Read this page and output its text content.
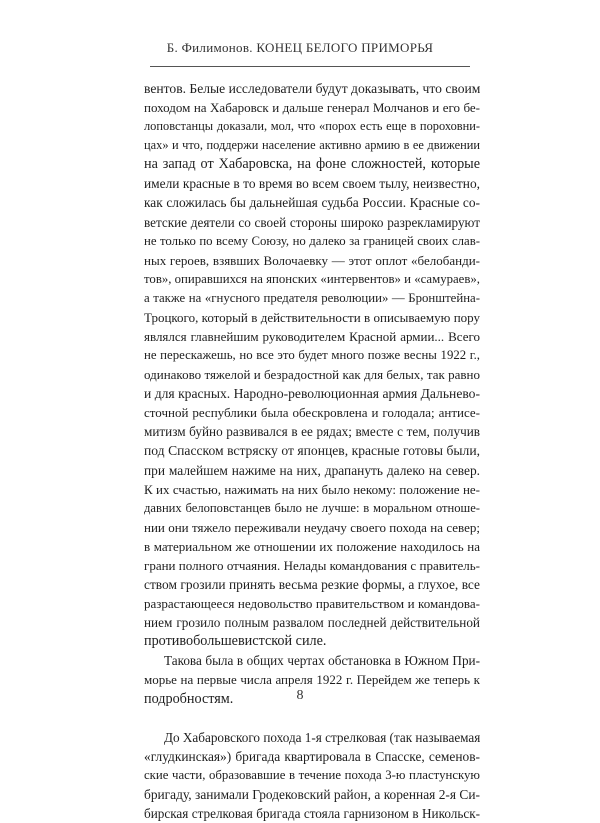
Б. Филимонов. КОНЕЦ БЕЛОГО ПРИМОРЬЯ
вентов. Белые исследователи будут доказывать, что своим
походом на Хабаровск и дальше генерал Молчанов и его бе-
лоповстанцы доказали, мол, что «порох есть еще в пороховни-
цах» и что, поддержи население активно армию в ее движении
на запад от Хабаровска, на фоне сложностей, которые
имели красные в то время во всем своем тылу, неизвестно,
как сложилась бы дальнейшая судьба России. Красные со-
ветские деятели со своей стороны широко разрекламируют
не только по всему Союзу, но далеко за границей своих слав-
ных героев, взявших Волочаевку — этот оплот «белобанди-
тов», опиравшихся на японских «интервентов» и «самураев»,
а также на «гнусного предателя революции» — Бронштейна-
Троцкого, который в действительности в описываемую пору
являлся главнейшим руководителем Красной армии... Всего
не перескажешь, но все это будет много позже весны 1922 г.,
одинаково тяжелой и безрадостной как для белых, так равно
и для красных. Народно-революционная армия Дальнево-
сточной республики была обескровлена и голодала; антисе-
митизм буйно развивался в ее рядах; вместе с тем, получив
под Спасском встряску от японцев, красные готовы были,
при малейшем нажиме на них, драпануть далеко на север.
К их счастью, нажимать на них было некому: положение не-
давних белоповстанцев было не лучше: в моральном отноше-
нии они тяжело переживали неудачу своего похода на север;
в материальном же отношении их положение находилось на
грани полного отчаяния. Нелады командования с правитель-
ством грозили принять весьма резкие формы, а глухое, все
разрастающееся недовольство правительством и командова-
нием грозило полным развалом последней действительной
противобольшевистской силе.
Такова была в общих чертах обстановка в Южном При-
морье на первые числа апреля 1922 г. Перейдем же теперь к
подробностям.
До Хабаровского похода 1-я стрелковая (так называемая
«глудкинская») бригада квартировала в Спасске, семенов-
ские части, образовавшие в течение похода 3-ю пластунскую
бригаду, занимали Гродековский район, а коренная 2-я Си-
бирская стрелковая бригада стояла гарнизоном в Никольск-
8
